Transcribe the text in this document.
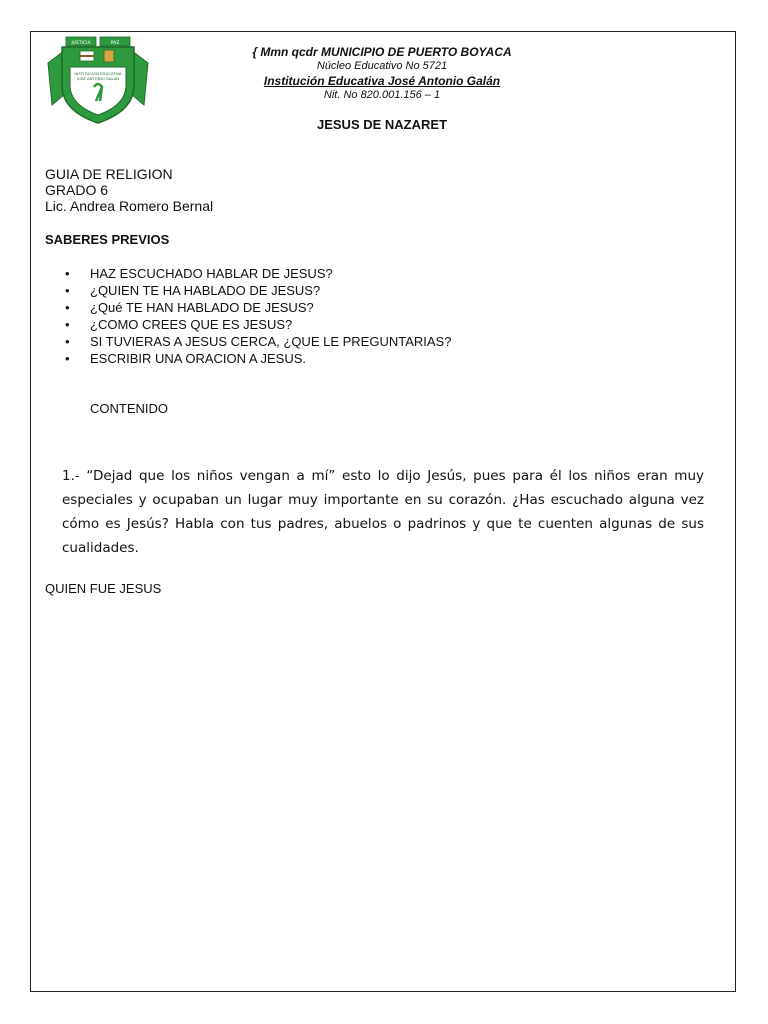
JUSTICIA	PAZ
INSTITUCION EDUCATIVA
JOSE ANTONIO GALAN
{ Mmn qcdr MUNICIPIO DE PUERTO BOYACA
Núcleo Educativo No 5721
Institución Educativa José Antonio Galán
Nit. No 820.001.156 – 1
JESUS DE NAZARET
GUIA DE RELIGION
GRADO 6
Lic. Andrea Romero Bernal
SABERES PREVIOS
• HAZ ESCUCHADO HABLAR DE JESUS?
• ¿QUIEN TE HA HABLADO DE JESUS?
• ¿Qué TE HAN HABLADO DE JESUS?
• ¿COMO CREES QUE ES JESUS?
• SI TUVIERAS A JESUS CERCA, ¿QUE LE PREGUNTARIAS?
• ESCRIBIR UNA ORACION A JESUS.
CONTENIDO
1.- “Dejad que los niños vengan a mí” esto lo dijo Jesús, pues para él los niños eran muy especiales y ocupaban un lugar muy importante en su corazón. ¿Has escuchado alguna vez cómo es Jesús? Habla con tus padres, abuelos o padrinos y que te cuenten algunas de sus cualidades.
QUIEN FUE JESUS
